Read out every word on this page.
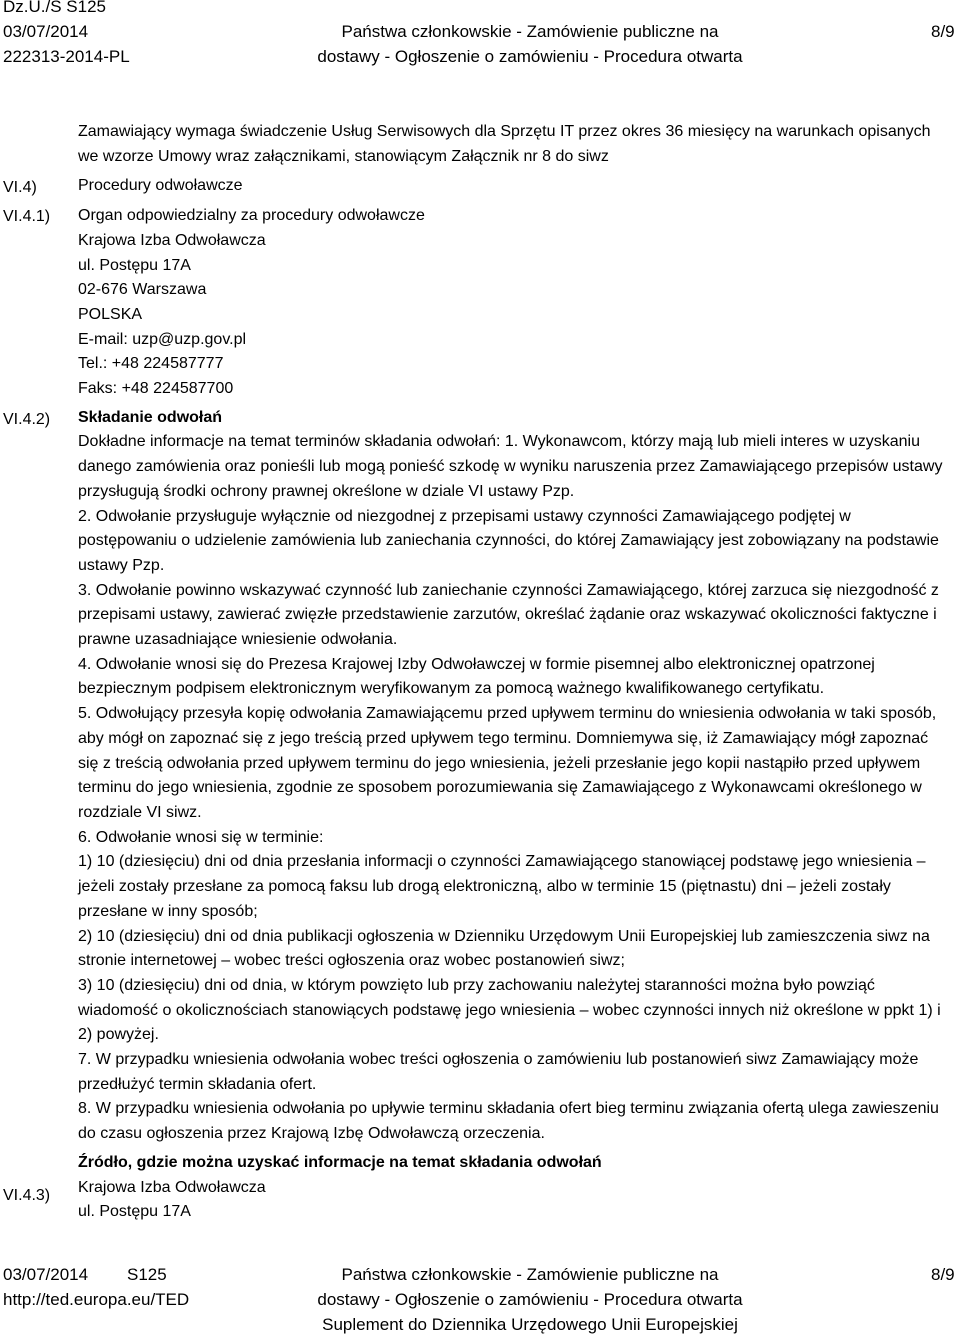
Dz.U./S S125
03/07/2014
222313-2014-PL
Państwa członkowskie - Zamówienie publiczne na
dostawy - Ogłoszenie o zamówieniu - Procedura otwarta
8/9
VI.4)
VI.4.1)
VI.4.2)
VI.4.3)

Zamawiający wymaga świadczenie Usług Serwisowych dla Sprzętu IT przez okres 36 miesięcy na warunkach opisanych we wzorze Umowy wraz załącznikami, stanowiącym Załącznik nr 8 do siwz

Procedury odwoławcze

Organ odpowiedzialny za procedury odwoławcze

Krajowa Izba Odwoławcza

ul. Postępu 17A

02-676 Warszawa

POLSKA

E-mail: uzp@uzp.gov.pl

Tel.: +48 224587777

Faks: +48 224587700

Składanie odwołań

Dokładne informacje na temat terminów składania odwołań: 1. Wykonawcom, którzy mają lub mieli interes w uzyskaniu danego zamówienia oraz ponieśli lub mogą ponieść szkodę w wyniku naruszenia przez Zamawiającego przepisów ustawy przysługują środki ochrony prawnej określone w dziale VI ustawy Pzp.

2. Odwołanie przysługuje wyłącznie od niezgodnej z przepisami ustawy czynności Zamawiającego podjętej w postępowaniu o udzielenie zamówienia lub zaniechania czynności, do której Zamawiający jest zobowiązany na podstawie ustawy Pzp.

3. Odwołanie powinno wskazywać czynność lub zaniechanie czynności Zamawiającego, której zarzuca się niezgodność z przepisami ustawy, zawierać zwięzłe przedstawienie zarzutów, określać żądanie oraz wskazywać okoliczności faktyczne i prawne uzasadniające wniesienie odwołania.

4. Odwołanie wnosi się do Prezesa Krajowej Izby Odwoławczej w formie pisemnej albo elektronicznej opatrzonej bezpiecznym podpisem elektronicznym weryfikowanym za pomocą ważnego kwalifikowanego certyfikatu.

5. Odwołujący przesyła kopię odwołania Zamawiającemu przed upływem terminu do wniesienia odwołania w taki sposób, aby mógł on zapoznać się z jego treścią przed upływem tego terminu. Domniemywa się, iż Zamawiający mógł zapoznać się z treścią odwołania przed upływem terminu do jego wniesienia, jeżeli przesłanie jego kopii nastąpiło przed upływem terminu do jego wniesienia, zgodnie ze sposobem porozumiewania się Zamawiającego z Wykonawcami określonego w rozdziale VI siwz.

6. Odwołanie wnosi się w terminie:

1) 10 (dziesięciu) dni od dnia przesłania informacji o czynności Zamawiającego stanowiącej podstawę jego wniesienia – jeżeli zostały przesłane za pomocą faksu lub drogą elektroniczną, albo w terminie 15 (piętnastu) dni – jeżeli zostały przesłane w inny sposób;

2) 10 (dziesięciu) dni od dnia publikacji ogłoszenia w Dzienniku Urzędowym Unii Europejskiej lub zamieszczenia siwz na stronie internetowej – wobec treści ogłoszenia oraz wobec postanowień siwz;

3) 10 (dziesięciu) dni od dnia, w którym powzięto lub przy zachowaniu należytej staranności można było powziąć wiadomość o okolicznościach stanowiących podstawę jego wniesienia – wobec czynności innych niż określone w ppkt 1) i 2) powyżej.

7. W przypadku wniesienia odwołania wobec treści ogłoszenia o zamówieniu lub postanowień siwz Zamawiający może przedłużyć termin składania ofert.

8. W przypadku wniesienia odwołania po upływie terminu składania ofert bieg terminu związania ofertą ulega zawieszeniu do czasu ogłoszenia przez Krajową Izbę Odwoławczą orzeczenia.

Źródło, gdzie można uzyskać informacje na temat składania odwołań

Krajowa Izba Odwoławcza

ul. Postępu 17A

03/07/2014 S125
http://ted.europa.eu/TED
Państwa członkowskie - Zamówienie publiczne na
dostawy - Ogłoszenie o zamówieniu - Procedura otwarta
Suplement do Dziennika Urzędowego Unii Europejskiej
8/9
